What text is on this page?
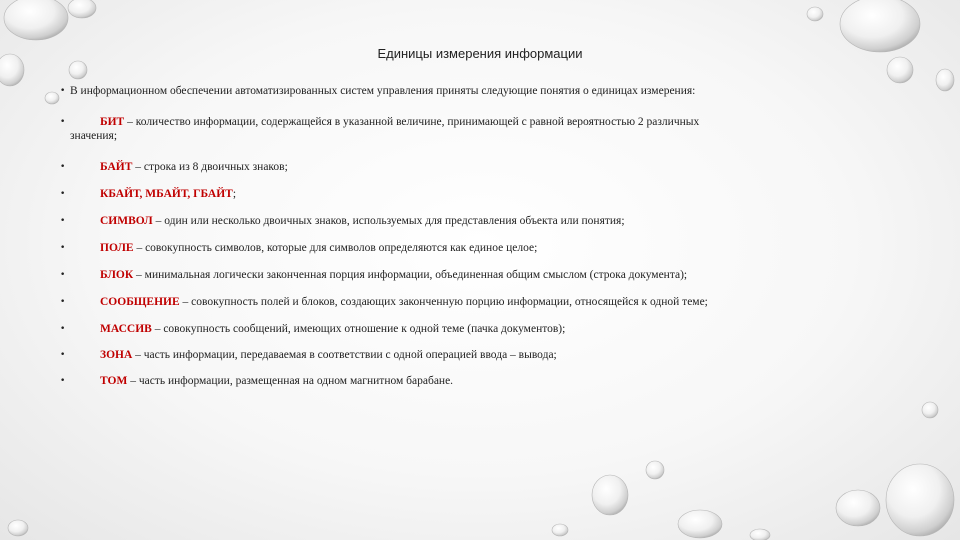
Единицы измерения информации
• В информационном обеспечении автоматизированных систем управления приняты следующие понятия о единицах измерения:
•	БИТ – количество информации, содержащейся в указанной величине, принимающей с равной вероятностью 2 различных
значения;
•	БАЙТ – строка из 8 двоичных знаков;
•	КБАЙТ, МБАЙТ, ГБАЙТ;
•	СИМВОЛ – один или несколько двоичных знаков, используемых для представления объекта или понятия;
•	ПОЛЕ – совокупность символов, которые для символов определяются как единое целое;
•	БЛОК – минимальная логически законченная порция информации, объединенная общим смыслом (строка документа);
•	СООБЩЕНИЕ – совокупность полей и блоков, создающих законченную порцию информации, относящейся к одной теме;
•	МАССИВ – совокупность сообщений, имеющих отношение к одной теме (пачка документов);
•	ЗОНА – часть информации, передаваемая в соответствии с одной операцией ввода – вывода;
•	ТОМ – часть информации, размещенная на одном магнитном барабане.
